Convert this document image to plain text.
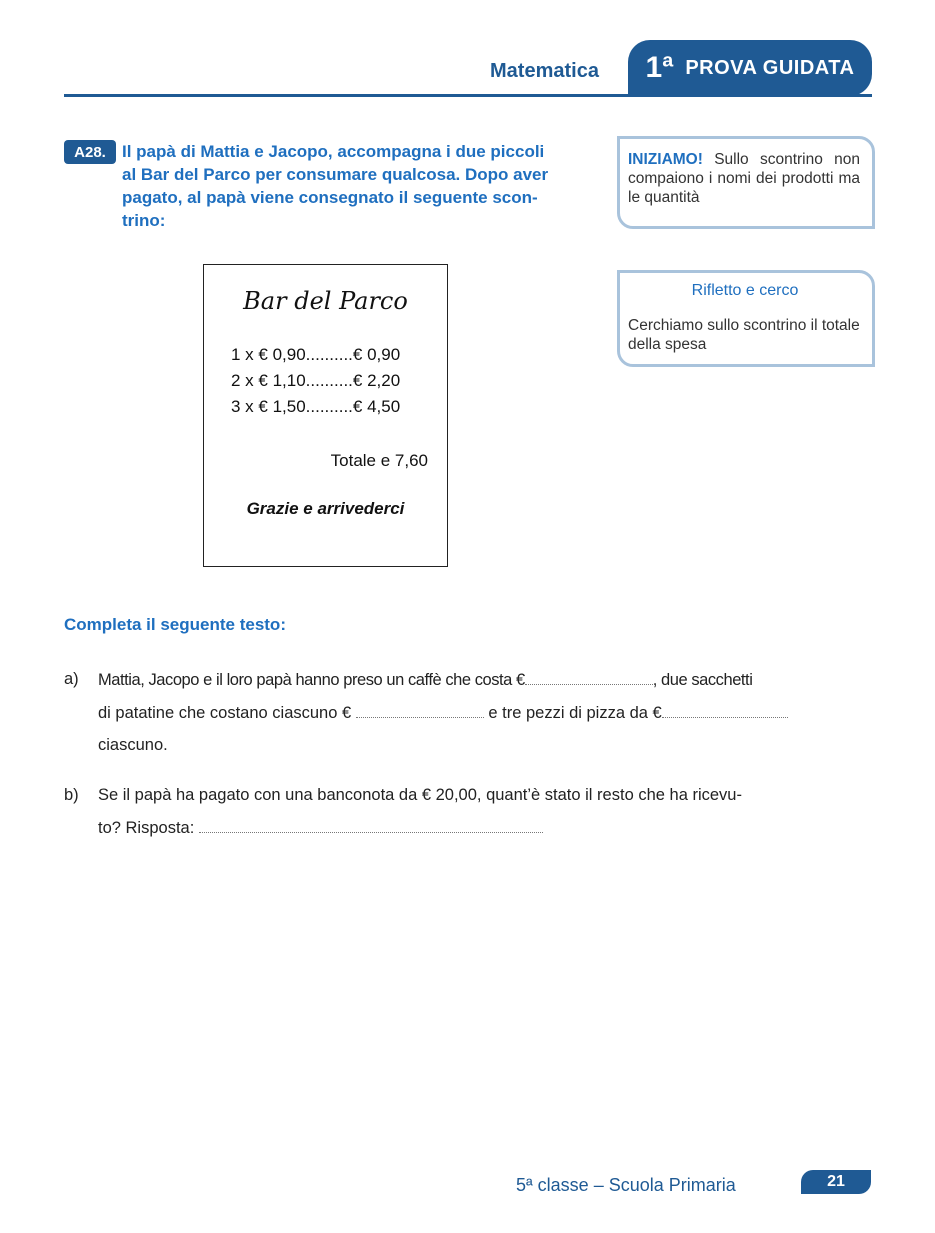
Matematica 1ª PROVA GUIDATA
A28. Il papà di Mattia e Jacopo, accompagna i due piccoli
al Bar del Parco per consumare qualcosa. Dopo aver
pagato, al papà viene consegnato il seguente scon-
trino:
Bar del Parco
1 x € 0,90..........€ 0,90
2 x € 1,10..........€ 2,20
3 x € 1,50..........€ 4,50
Totale e 7,60
Grazie e arrivederci
INIZIAMO! Sullo scontrino non compaiono i nomi dei prodotti ma le quantità
Rifletto e cerco
Cerchiamo sullo scontrino il totale della spesa
Completa il seguente testo:
a) Mattia, Jacopo e il loro papà hanno preso un caffè che costa €	, due sacchetti
di patatine che costano ciascuno €	e tre pezzi di pizza da €
ciascuno.
b) Se il papà ha pagato con una banconota da € 20,00, quant’è stato il resto che ha ricevu-
to? Risposta:
5ª classe – Scuola Primaria	21
